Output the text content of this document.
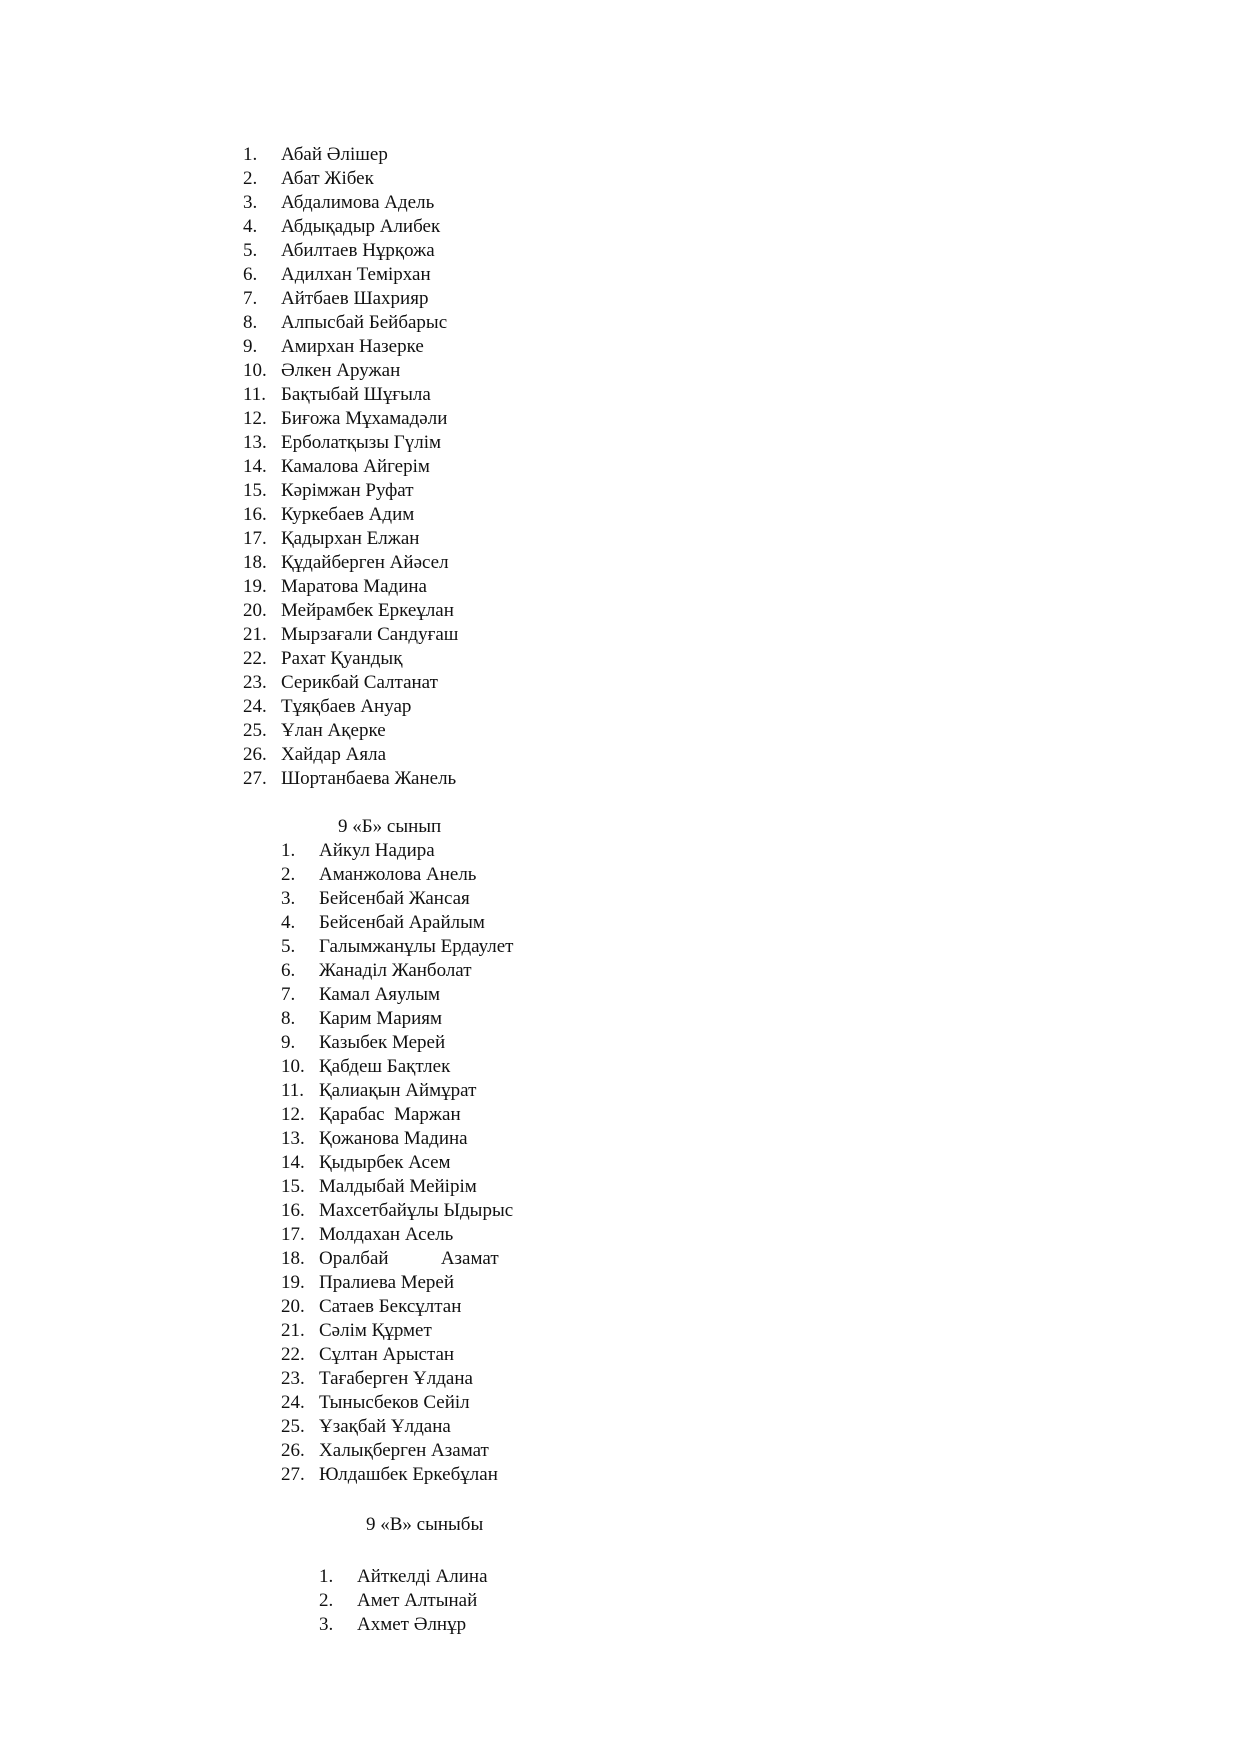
1. Абай Әлішер
2. Абат Жібек
3. Абдалимова Адель
4. Абдықадыр Алибек
5. Абилтаев Нұрқожа
6. Адилхан Темірхан
7. Айтбаев Шахрияр
8. Алпысбай Бейбарыс
9. Амирхан Назерке
10. Әлкен Аружан
11. Бақтыбай Шұғыла
12. Биғожа Мұхамадәли
13. Ерболатқызы Гүлім
14. Камалова Айгерім
15. Кәрімжан Руфат
16. Куркебаев Адим
17. Қадырхан Елжан
18. Құдайберген Айәсел
19. Маратова Мадина
20. Мейрамбек Еркеұлан
21. Мырзағали Сандуғаш
22. Рахат Қуандық
23. Серикбай Салтанат
24. Тұяқбаев Ануар
25. Ұлан Ақерке
26. Хайдар Аяла
27. Шортанбаева Жанель
9 «Б» сынып
1. Айкул Надира
2. Аманжолова Анель
3. Бейсенбай Жансая
4. Бейсенбай Арайлым
5. Галымжанұлы Ердаулет
6. Жанаділ Жанболат
7. Камал Аяулым
8. Карим Мариям
9. Казыбек Мерей
10. Қабдеш Бақтлек
11. Қалиақын Аймұрат
12. Қарабас  Маржан
13. Қожанова Мадина
14. Қыдырбек Асем
15. Малдыбай Мейірім
16. Махсетбайұлы Ыдырыс
17. Молдахан Асель
18. Оралбай           Азамат
19. Пралиева Мерей
20. Сатаев Бексұлтан
21. Сәлім Құрмет
22. Сұлтан Арыстан
23. Тағаберген Ұлдана
24. Тынысбеков Сейіл
25. Ұзақбай Ұлдана
26. Халықберген Азамат
27. Юлдашбек Еркебұлан
9 «В» сыныбы
1. Айткелді Алина
2. Амет Алтынай
3. Ахмет Әлнұр
